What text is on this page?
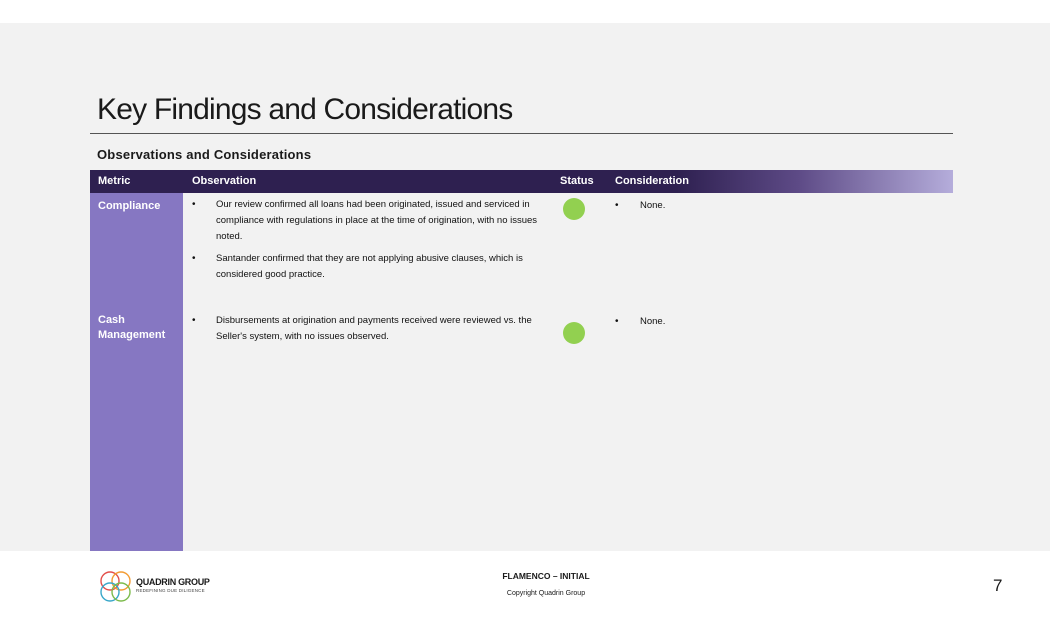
Key Findings and Considerations
Observations and Considerations
Metric	Observation	Status Consideration
Compliance
•	Our review confirmed all loans had been originated, issued and serviced in compliance with regulations in place at the time of origination, with no issues noted.
• Santander confirmed that they are not applying abusive clauses, which is considered good practice.
• None.
Cash Management
• Disbursements at origination and payments received were reviewed vs. the Seller's system, with no issues observed.
• None.
QUADRIN GROUP
REDEFINING DUE DILIGENCE
FLAMENCO – INITIAL
Copyright Quadrin Group	7
